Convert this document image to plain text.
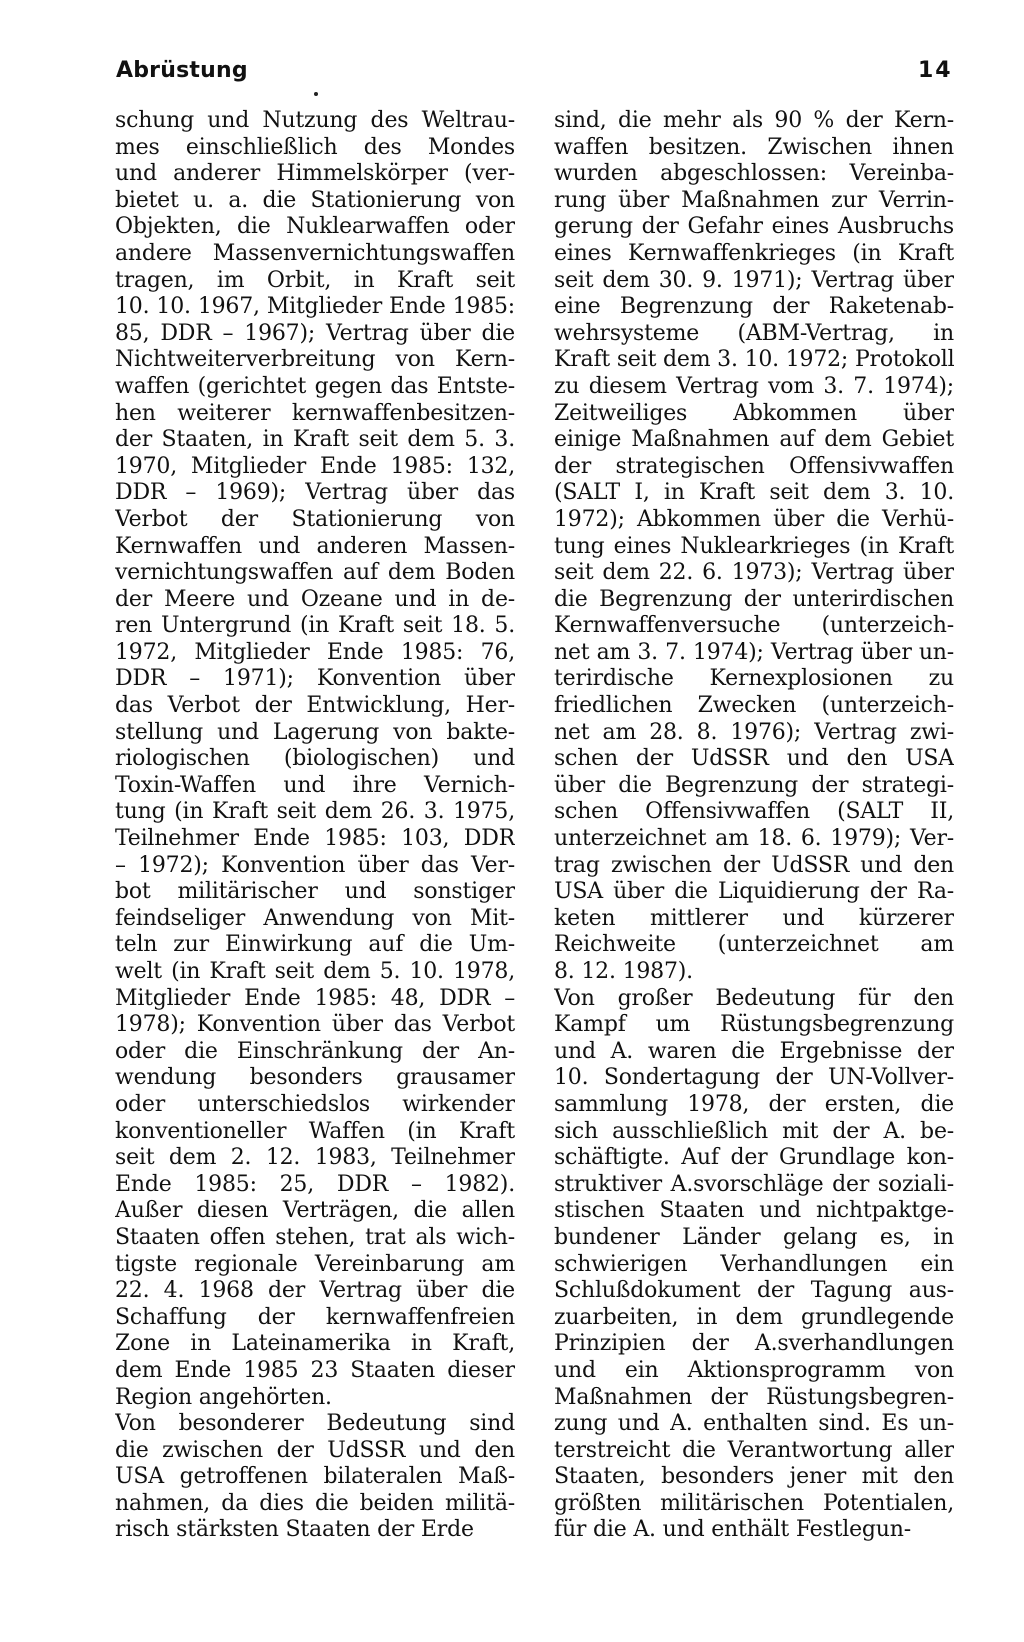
Abrüstung	14
schung und Nutzung des Weltrau-
mes einschließlich des Mondes
und anderer Himmelskörper (ver-
bietet u. a. die Stationierung von
Objekten, die Nuklearwaffen oder
andere Massenvernichtungswaffen
tragen, im Orbit, in Kraft seit
10. 10. 1967, Mitglieder Ende 1985:
85, DDR – 1967); Vertrag über die
Nichtweiterverbreitung von Kern-
waffen (gerichtet gegen das Entste-
hen weiterer kernwaffenbesitzen-
der Staaten, in Kraft seit dem 5. 3.
1970, Mitglieder Ende 1985: 132,
DDR – 1969); Vertrag über das
Verbot der Stationierung von
Kernwaffen und anderen Massen-
vernichtungswaffen auf dem Boden
der Meere und Ozeane und in de-
ren Untergrund (in Kraft seit 18. 5.
1972, Mitglieder Ende 1985: 76,
DDR – 1971); Konvention über
das Verbot der Entwicklung, Her-
stellung und Lagerung von bakte-
riologischen (biologischen) und
Toxin-Waffen und ihre Vernich-
tung (in Kraft seit dem 26. 3. 1975,
Teilnehmer Ende 1985: 103, DDR
– 1972); Konvention über das Ver-
bot militärischer und sonstiger
feindseliger Anwendung von Mit-
teln zur Einwirkung auf die Um-
welt (in Kraft seit dem 5. 10. 1978,
Mitglieder Ende 1985: 48, DDR –
1978); Konvention über das Verbot
oder die Einschränkung der An-
wendung besonders grausamer
oder unterschiedslos wirkender
konventioneller Waffen (in Kraft
seit dem 2. 12. 1983, Teilnehmer
Ende 1985: 25, DDR – 1982).
Außer diesen Verträgen, die allen
Staaten offen stehen, trat als wich-
tigste regionale Vereinbarung am
22. 4. 1968 der Vertrag über die
Schaffung der kernwaffenfreien
Zone in Lateinamerika in Kraft,
dem Ende 1985 23 Staaten dieser
Region angehörten.
Von besonderer Bedeutung sind
die zwischen der UdSSR und den
USA getroffenen bilateralen Maß-
nahmen, da dies die beiden militä-
risch stärksten Staaten der Erde
sind, die mehr als 90 % der Kern-
waffen besitzen. Zwischen ihnen
wurden abgeschlossen: Vereinba-
rung über Maßnahmen zur Verrin-
gerung der Gefahr eines Ausbruchs
eines Kernwaffenkrieges (in Kraft
seit dem 30. 9. 1971); Vertrag über
eine Begrenzung der Raketenab-
wehrsysteme (ABM-Vertrag, in
Kraft seit dem 3. 10. 1972; Protokoll
zu diesem Vertrag vom 3. 7. 1974);
Zeitweiliges Abkommen über
einige Maßnahmen auf dem Gebiet
der strategischen Offensivwaffen
(SALT I, in Kraft seit dem 3. 10.
1972); Abkommen über die Verhü-
tung eines Nuklearkrieges (in Kraft
seit dem 22. 6. 1973); Vertrag über
die Begrenzung der unterirdischen
Kernwaffenversuche (unterzeich-
net am 3. 7. 1974); Vertrag über un-
terirdische Kernexplosionen zu
friedlichen Zwecken (unterzeich-
net am 28. 8. 1976); Vertrag zwi-
schen der UdSSR und den USA
über die Begrenzung der strategi-
schen Offensivwaffen (SALT II,
unterzeichnet am 18. 6. 1979); Ver-
trag zwischen der UdSSR und den
USA über die Liquidierung der Ra-
keten mittlerer und kürzerer
Reichweite (unterzeichnet am
8. 12. 1987).
Von großer Bedeutung für den
Kampf um Rüstungsbegrenzung
und A. waren die Ergebnisse der
10. Sondertagung der UN-Vollver-
sammlung 1978, der ersten, die
sich ausschließlich mit der A. be-
schäftigte. Auf der Grundlage kon-
struktiver A.svorschläge der soziali-
stischen Staaten und nichtpaktge-
bundener Länder gelang es, in
schwierigen Verhandlungen ein
Schlußdokument der Tagung aus-
zuarbeiten, in dem grundlegende
Prinzipien der A.sverhandlungen
und ein Aktionsprogramm von
Maßnahmen der Rüstungsbegren-
zung und A. enthalten sind. Es un-
terstreicht die Verantwortung aller
Staaten, besonders jener mit den
größten militärischen Potentialen,
für die A. und enthält Festlegun-
